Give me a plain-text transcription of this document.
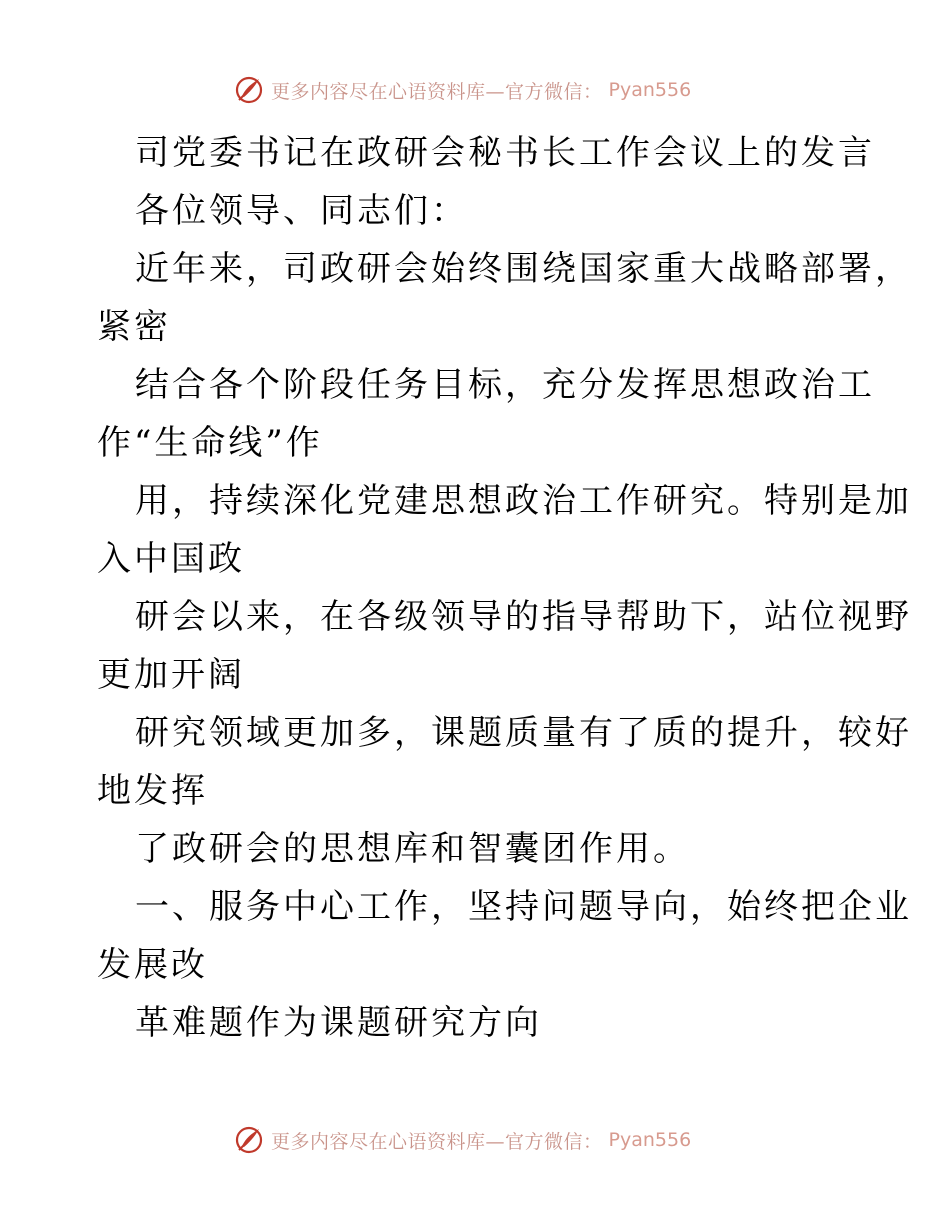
更多内容尽在心语资料库—官方微信： Pyan556
司党委书记在政研会秘书长工作会议上的发言
各位领导、同志们：
近年来，司政研会始终围绕国家重大战略部署，
紧密
结合各个阶段任务目标，充分发挥思想政治工
作“生命线”作
用，持续深化党建思想政治工作研究。特别是加
入中国政
研会以来，在各级领导的指导帮助下，站位视野
更加开阔
研究领域更加多，课题质量有了质的提升，较好
地发挥
了政研会的思想库和智囊团作用。
一、服务中心工作，坚持问题导向，始终把企业
发展改
革难题作为课题研究方向
更多内容尽在心语资料库—官方微信： Pyan556
